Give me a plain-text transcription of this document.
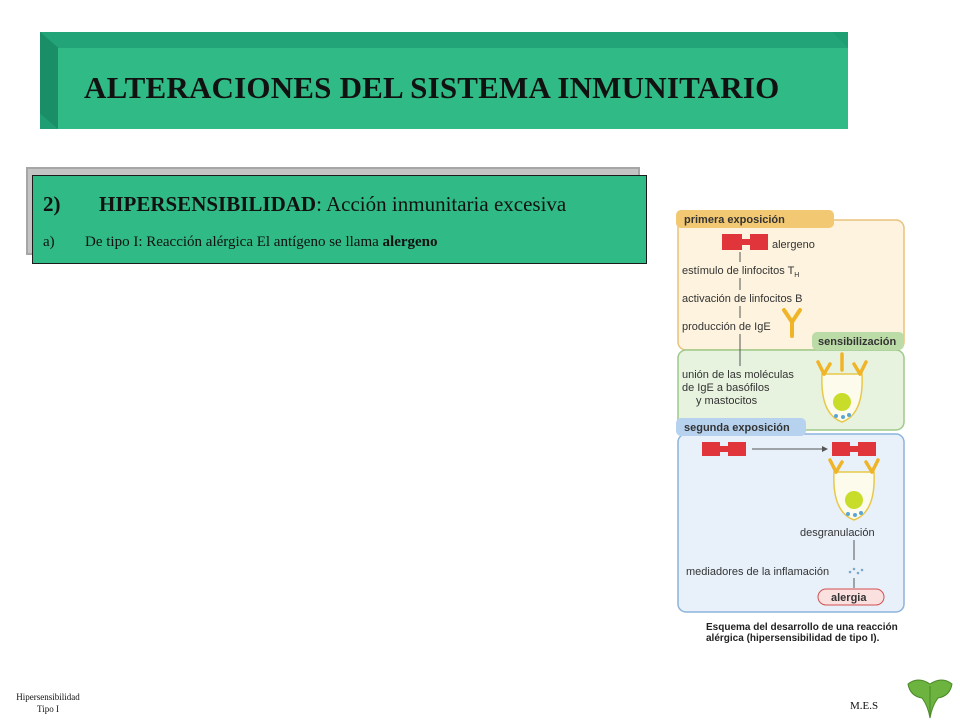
ALTERACIONES DEL SISTEMA INMUNITARIO
2) HIPERSENSIBILIDAD: Acción inmunitaria excesiva
a) De tipo I: Reacción alérgica El antígeno se llama alergeno
primera exposición
sensibilización
segunda exposición
alergeno
estímulo de linfocitos $T_H$
activación de linfocitos B
producción de IgE
unión de las moléculas
de IgE a basófilos
y mastocitos
desgranulación
mediadores de la inflamación
alergia

Esquema del desarrollo de una reacción
alérgica (hipersensibilidad de tipo I).

Hipersensibilidad
Tipo I	M.E.S
